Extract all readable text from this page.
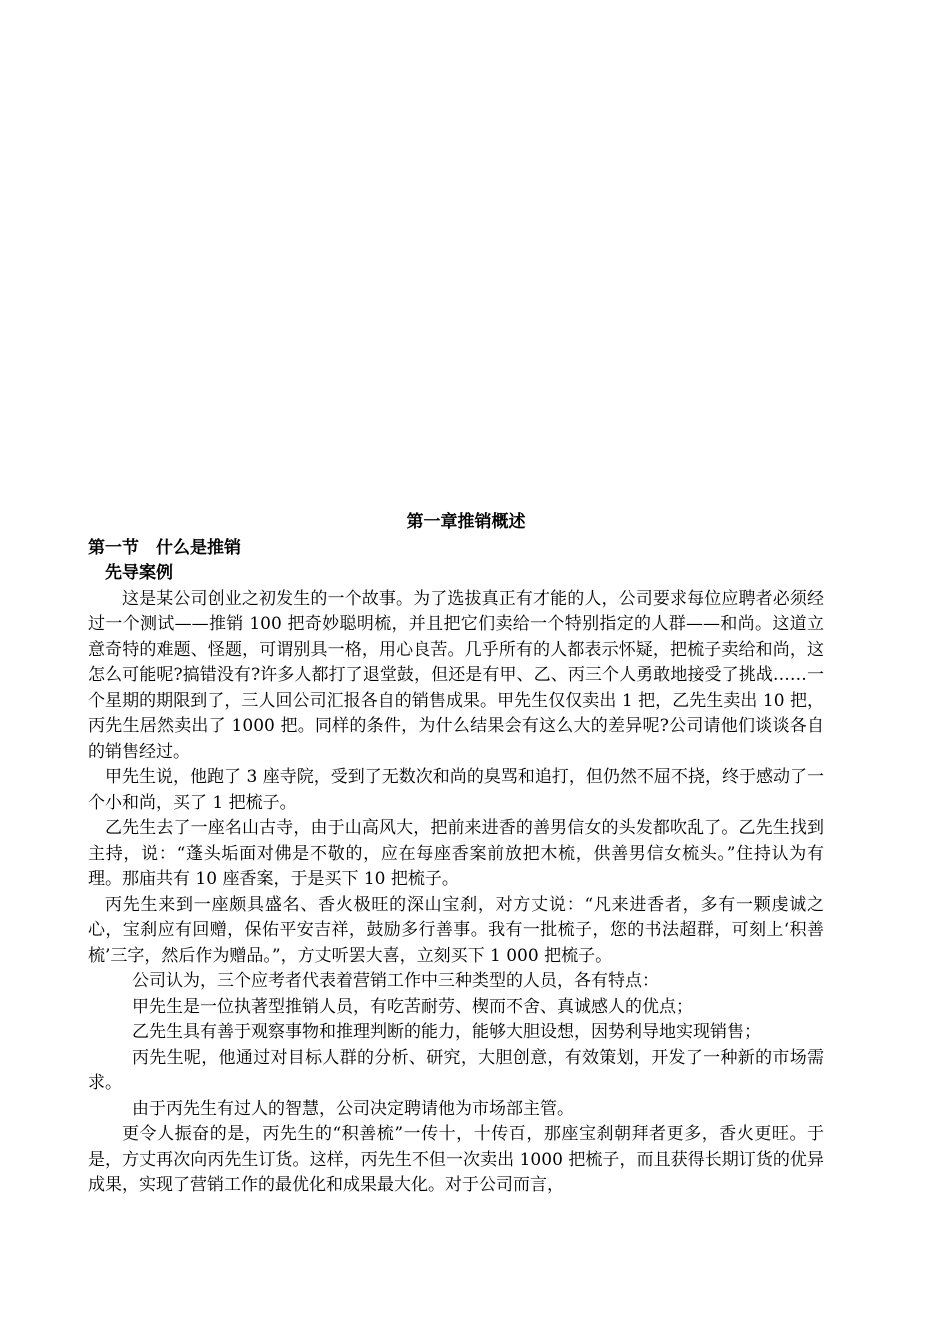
第一章推销概述
第一节　什么是推销
先导案例

这是某公司创业之初发生的一个故事。为了选拔真正有才能的人，公司要求每位应聘者必须经过一个测试——推销 100 把奇妙聪明梳，并且把它们卖给一个特别指定的人群——和尚。这道立意奇特的难题、怪题，可谓别具一格，用心良苦。几乎所有的人都表示怀疑，把梳子卖给和尚，这怎么可能呢?搞错没有?许多人都打了退堂鼓，但还是有甲、乙、丙三个人勇敢地接受了挑战……一个星期的期限到了，三人回公司汇报各自的销售成果。甲先生仅仅卖出 1 把，乙先生卖出 10 把，丙先生居然卖出了 1000 把。同样的条件，为什么结果会有这么大的差异呢?公司请他们谈谈各自的销售经过。

甲先生说，他跑了 3 座寺院，受到了无数次和尚的臭骂和追打，但仍然不屈不挠，终于感动了一个小和尚，买了 1 把梳子。

乙先生去了一座名山古寺，由于山高风大，把前来进香的善男信女的头发都吹乱了。乙先生找到主持，说：“蓬头垢面对佛是不敬的，应在每座香案前放把木梳，供善男信女梳头。”住持认为有理。那庙共有 10 座香案，于是买下 10 把梳子。

丙先生来到一座颇具盛名、香火极旺的深山宝刹，对方丈说：“凡来进香者，多有一颗虔诚之心，宝刹应有回赠，保佑平安吉祥，鼓励多行善事。我有一批梳子，您的书法超群，可刻上‘积善梳’三字，然后作为赠品。”，方丈听罢大喜，立刻买下 1 000 把梳子。

公司认为，三个应考者代表着营销工作中三种类型的人员，各有特点：

甲先生是一位执著型推销人员，有吃苦耐劳、楔而不舍、真诚感人的优点；

乙先生具有善于观察事物和推理判断的能力，能够大胆设想，因势利导地实现销售；

丙先生呢，他通过对目标人群的分析、研究，大胆创意，有效策划，开发了一种新的市场需求。

由于丙先生有过人的智慧，公司决定聘请他为市场部主管。

更令人振奋的是，丙先生的“积善梳”一传十，十传百，那座宝刹朝拜者更多，香火更旺。于是，方丈再次向丙先生订货。这样，丙先生不但一次卖出 1000 把梳子，而且获得长期订货的优异成果，实现了营销工作的最优化和成果最大化。对于公司而言，
